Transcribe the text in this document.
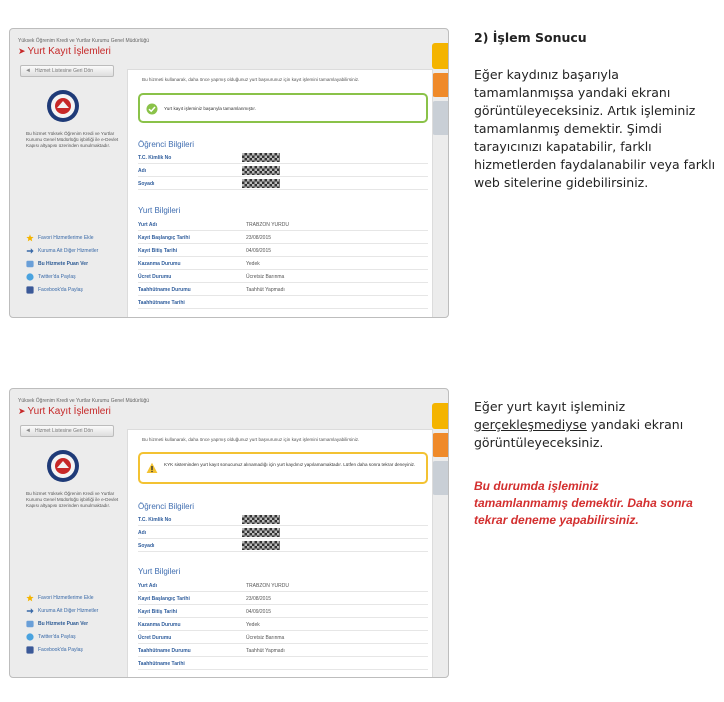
Yüksek Öğrenim Kredi ve Yurtlar Kurumu Genel Müdürlüğü
➤ Yurt Kayıt İşlemleri
◄ Hizmet Listesine Geri Dön
Bu hizmet Yüksek Öğrenim Kredi ve Yurtlar Kurumu Genel Müdürlüğü işbirliği ile e-Devlet Kapısı altyapısı üzerinden sunulmaktadır.
Favori Hizmetlerime Ekle
Kuruma Ait Diğer Hizmetler
Bu Hizmete Puan Ver
Twitter'da Paylaş
Facebook'da Paylaş
Bu hizmeti kullanarak, daha önce yapmış olduğunuz yurt başvurunuz için kayıt işlemini tamamlayabilirsiniz.
Yurt kayıt işleminiz başarıyla tamamlanmıştır.
Öğrenci Bilgileri
T.C. Kimlik No
Adı
Soyadı
Yurt Bilgileri
Yurt Adı	TRABZON YURDU
Kayıt Başlangıç Tarihi	23/08/2015
Kayıt Bitiş Tarihi	04/09/2015
Kazanma Durumu	Yedek
Ücret Durumu	Ücretsiz Barınma
Taahhütname Durumu	Taahhüt Yapmadı
Taahhütname Tarihi
Yüksek Öğrenim Kredi ve Yurtlar Kurumu Genel Müdürlüğü
➤ Yurt Kayıt İşlemleri
◄ Hizmet Listesine Geri Dön
Bu hizmet Yüksek Öğrenim Kredi ve Yurtlar Kurumu Genel Müdürlüğü işbirliği ile e-Devlet Kapısı altyapısı üzerinden sunulmaktadır.
Favori Hizmetlerime Ekle
Kuruma Ait Diğer Hizmetler
Bu Hizmete Puan Ver
Twitter'da Paylaş
Facebook'da Paylaş
Bu hizmeti kullanarak, daha önce yapmış olduğunuz yurt başvurunuz için kayıt işlemini tamamlayabilirsiniz.
KYK sisteminden yurt kayıt sonucunuz alınamadığı için yurt kaydınız yapılamamaktadır. Lütfen daha sonra tekrar deneyiniz.
Öğrenci Bilgileri
T.C. Kimlik No
Adı
Soyadı
Yurt Bilgileri
Yurt Adı	TRABZON YURDU
Kayıt Başlangıç Tarihi	23/08/2015
Kayıt Bitiş Tarihi	04/09/2015
Kazanma Durumu	Yedek
Ücret Durumu	Ücretsiz Barınma
Taahhütname Durumu	Taahhüt Yapmadı
Taahhütname Tarihi
2) İşlem Sonucu
Eğer kaydınız başarıyla tamamlanmışsa yandaki ekranı görüntüleyeceksiniz. Artık işleminiz tamamlanmış demektir. Şimdi tarayıcınızı kapatabilir, farklı hizmetlerden faydalanabilir veya farklı web sitelerine gidebilirsiniz.
Eğer yurt kayıt işleminiz gerçekleşmediyse yandaki ekranı görüntüleyeceksiniz.
Bu durumda işleminiz tamamlanmamış demektir. Daha sonra tekrar deneme yapabilirsiniz.
